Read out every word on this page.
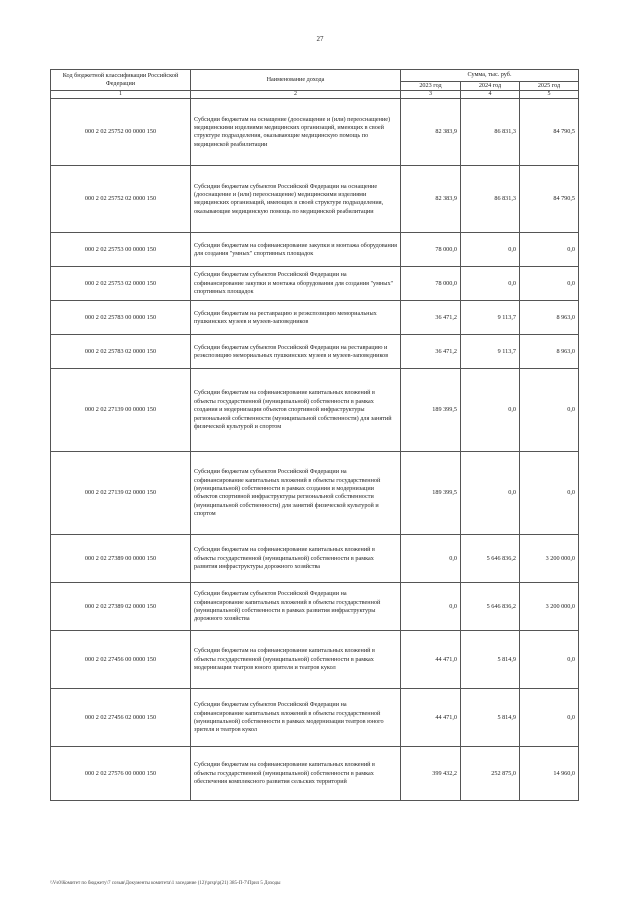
27
Код бюджетной классификации Российской Федерации	Наименование дохода	Сумма, тыс. руб.		
		2023 год	2024 год	2025 год
1	2	3	4	5
000 2 02 25752 00 0000 150	Субсидии бюджетам на оснащение (дооснащение и (или) переоснащение) медицинскими изделиями медицинских организаций, имеющих в своей структуре подразделения, оказывающие медицинскую помощь по медицинской реабилитации	82 383,9	86 831,3	84 790,5
000 2 02 25752 02 0000 150	Субсидии бюджетам субъектов Российской Федерации на оснащение (дооснащение и (или) переоснащение) медицинскими изделиями медицинских организаций, имеющих в своей структуре подразделения, оказывающие медицинскую помощь по медицинской реабилитации	82 383,9	86 831,3	84 790,5
000 2 02 25753 00 0000 150	Субсидии бюджетам на софинансирование закупки и монтажа оборудования для создания "умных" спортивных площадок	78 000,0	0,0	0,0
000 2 02 25753 02 0000 150	Субсидии бюджетам субъектов Российской Федерации на софинансирование закупки и монтажа оборудования для создания "умных" спортивных площадок	78 000,0	0,0	0,0
000 2 02 25783 00 0000 150	Субсидии бюджетам на реставрацию и реэкспозицию мемориальных пушкинских музеев и музеев-заповедников	36 471,2	9 113,7	8 963,0
000 2 02 25783 02 0000 150	Субсидии бюджетам субъектов Российской Федерации на реставрацию и реэкспозицию мемориальных пушкинских музеев и музеев-заповедников	36 471,2	9 113,7	8 963,0
000 2 02 27139 00 0000 150	Субсидии бюджетам на софинансирование капитальных вложений в объекты государственной (муниципальной) собственности в рамках создания и модернизации объектов спортивной инфраструктуры региональной собственности (муниципальной собственности) для занятий физической культурой и спортом	189 399,5	0,0	0,0
000 2 02 27139 02 0000 150	Субсидии бюджетам субъектов Российской Федерации на софинансирование капитальных вложений в объекты государственной (муниципальной) собственности в рамках создания и модернизации объектов спортивной инфраструктуры региональной собственности (муниципальной собственности) для занятий физической культурой и спортом	189 399,5	0,0	0,0
000 2 02 27389 00 0000 150	Субсидии бюджетам на софинансирование капитальных вложений в объекты государственной (муниципальной) собственности в рамках развития инфраструктуры дорожного хозяйства	0,0	5 646 836,2	3 200 000,0
000 2 02 27389 02 0000 150	Субсидии бюджетам субъектов Российской Федерации на софинансирование капитальных вложений в объекты государственной (муниципальной) собственности в рамках развития инфраструктуры дорожного хозяйства	0,0	5 646 836,2	3 200 000,0
000 2 02 27456 00 0000 150	Субсидии бюджетам на софинансирование капитальных вложений в объекты государственной (муниципальной) собственности в рамках модернизации театров юного зрителя и театров кукол	44 471,0	5 814,9	0,0
000 2 02 27456 02 0000 150	Субсидии бюджетам субъектов Российской Федерации на софинансирование капитальных вложений в объекты государственной (муниципальной) собственности в рамках модернизации театров юного зрителя и театров кукол	44 471,0	5 814,9	0,0
000 2 02 27576 00 0000 150	Субсидии бюджетам на софинансирование капитальных вложений в объекты государственной (муниципальной) собственности в рамках обеспечения комплексного развития сельских территорий	399 432,2	252 875,0	14 960,0
\\Vs0\Комитет по бюджету\7 созыв\Документы комитета\1 заседание (12)\prsp\p(21) 385-П-7\Прил 5 Доходы
